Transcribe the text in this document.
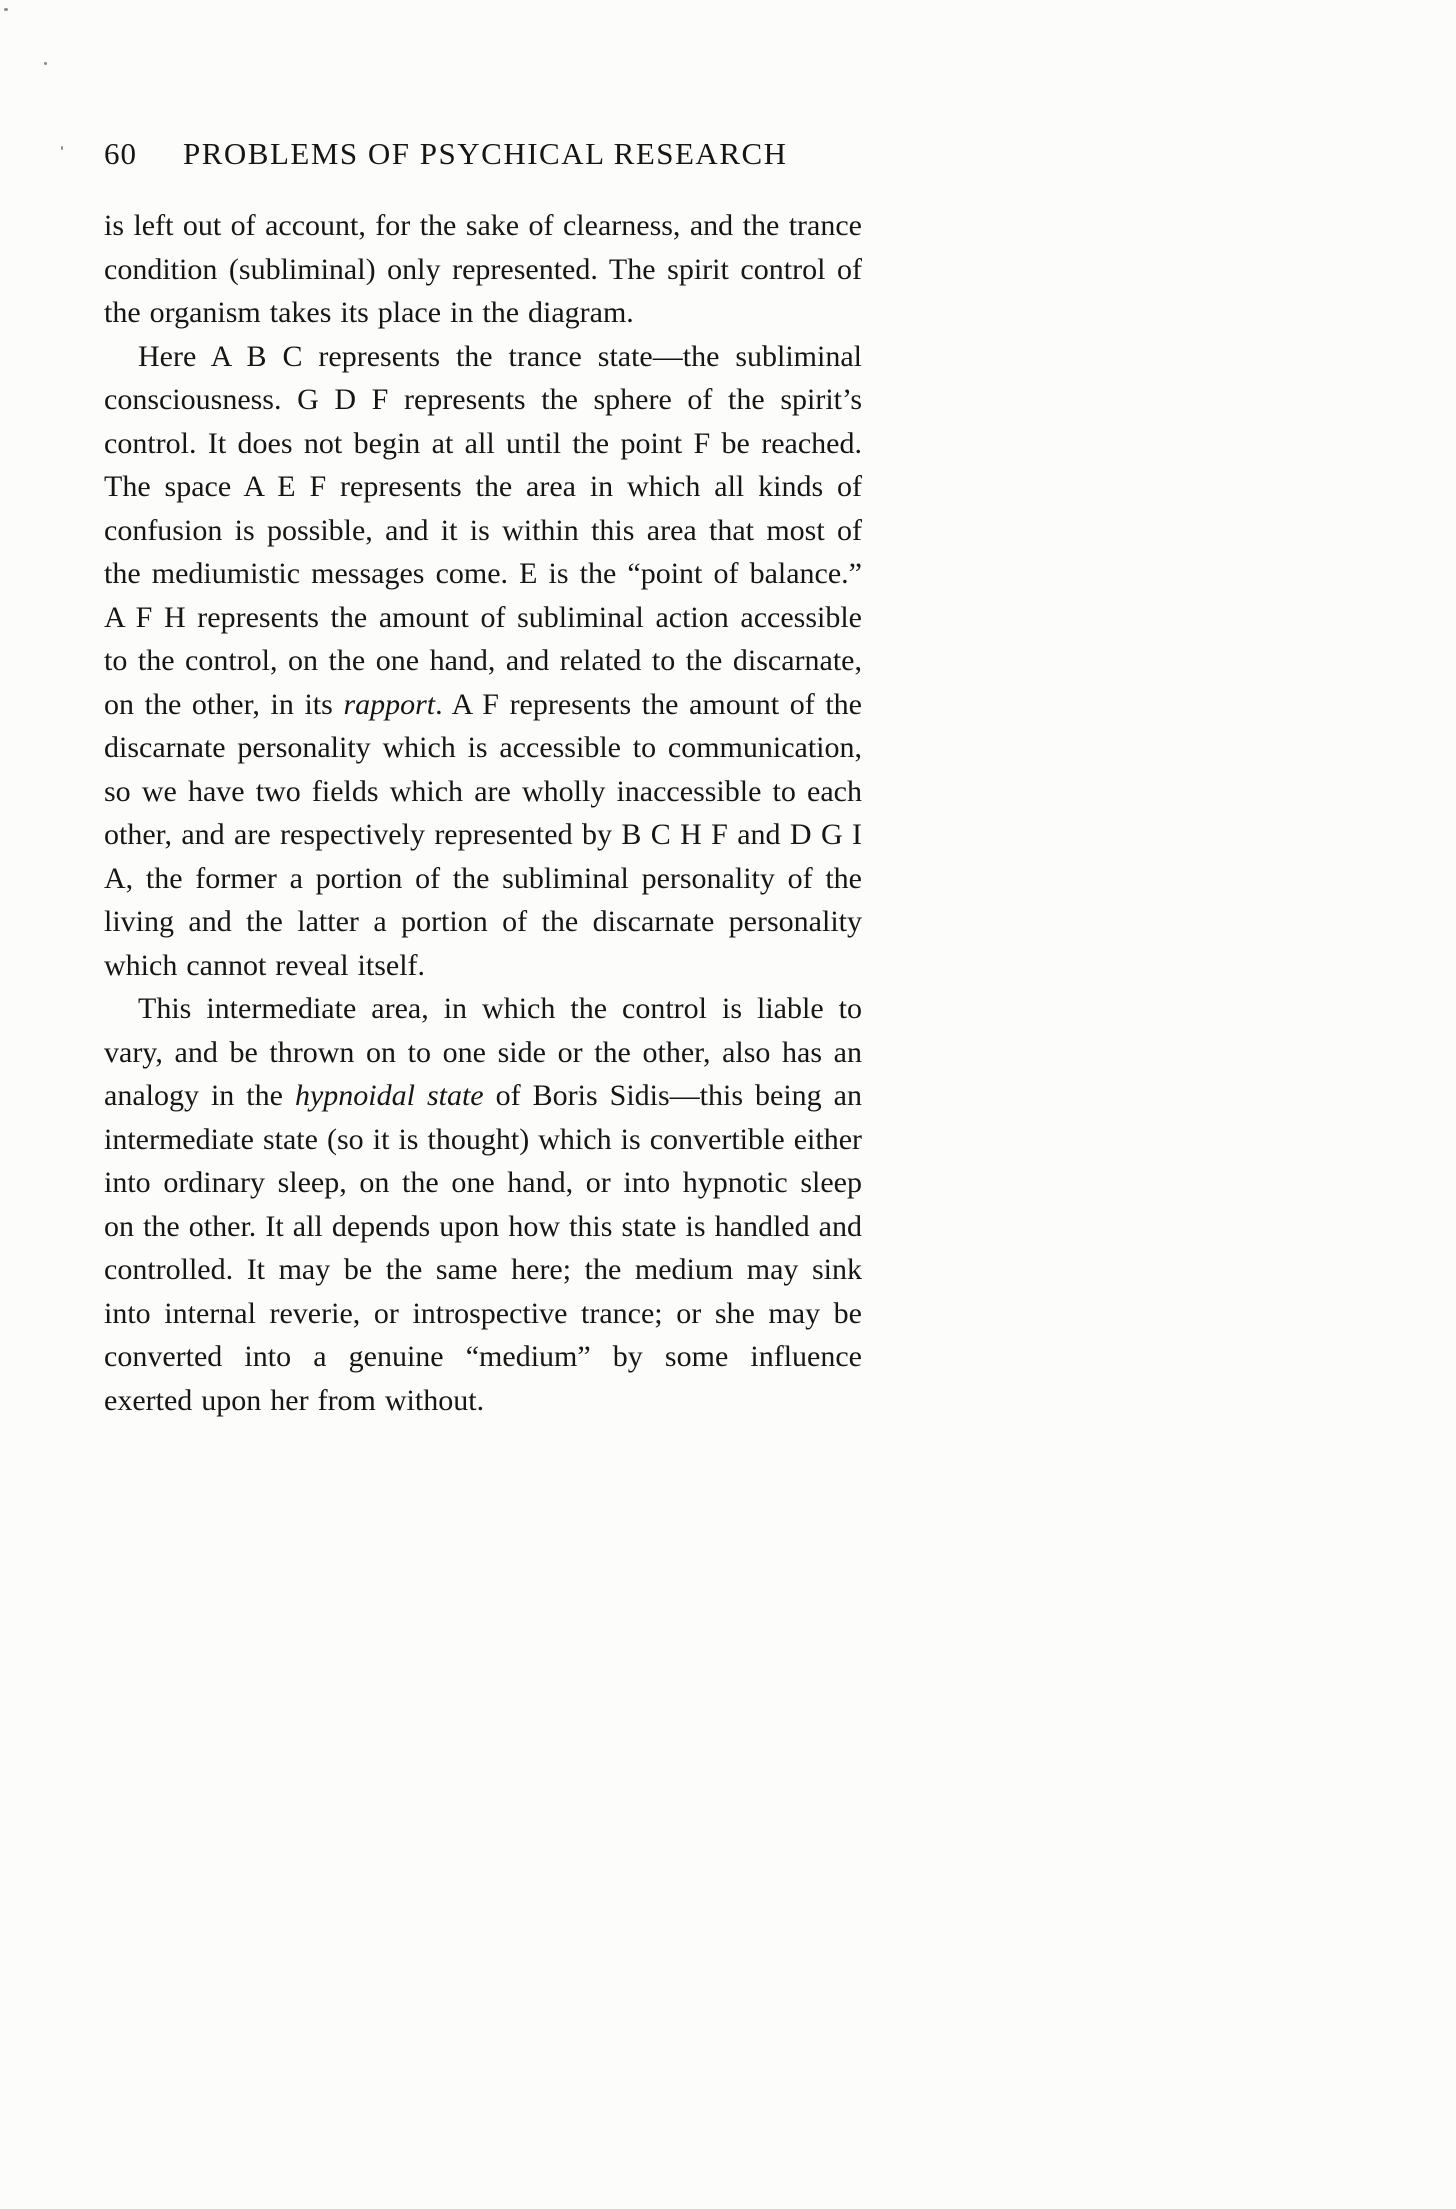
60 PROBLEMS OF PSYCHICAL RESEARCH

is left out of account, for the sake of clearness, and the trance condition (subliminal) only represented. The spirit control of the organism takes its place in the diagram.

Here A B C represents the trance state—the subliminal consciousness. G D F represents the sphere of the spirit’s control. It does not begin at all until the point F be reached. The space A E F represents the area in which all kinds of confusion is possible, and it is within this area that most of the mediumistic messages come. E is the “point of balance.” A F H represents the amount of subliminal action accessible to the control, on the one hand, and related to the discarnate, on the other, in its rapport. A F represents the amount of the discarnate personality which is accessible to communication, so we have two fields which are wholly inaccessible to each other, and are respectively represented by B C H F and D G I A, the former a portion of the subliminal personality of the living and the latter a portion of the discarnate personality which cannot reveal itself.

This intermediate area, in which the control is liable to vary, and be thrown on to one side or the other, also has an analogy in the hypnoidal state of Boris Sidis—this being an intermediate state (so it is thought) which is convertible either into ordinary sleep, on the one hand, or into hypnotic sleep on the other. It all depends upon how this state is handled and controlled. It may be the same here; the medium may sink into internal reverie, or introspective trance; or she may be converted into a genuine “medium” by some influence exerted upon her from without.
